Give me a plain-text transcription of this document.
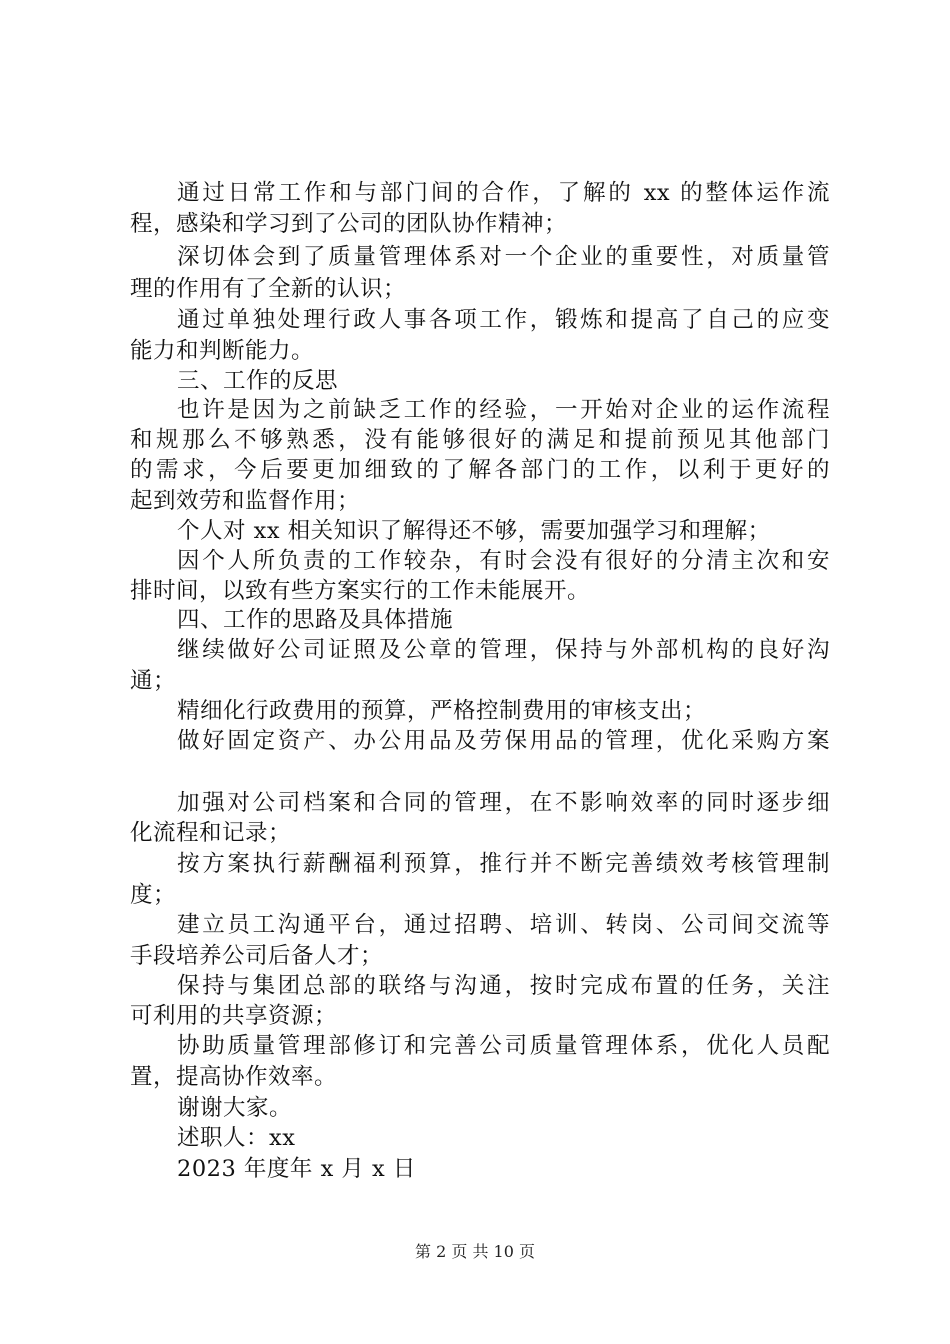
通过日常工作和与部门间的合作，了解的 xx 的整体运作流
程，感染和学习到了公司的团队协作精神；
深切体会到了质量管理体系对一个企业的重要性，对质量管
理的作用有了全新的认识；
通过单独处理行政人事各项工作，锻炼和提高了自己的应变
能力和判断能力。
三、工作的反思
也许是因为之前缺乏工作的经验，一开始对企业的运作流程
和规那么不够熟悉，没有能够很好的满足和提前预见其他部门
的需求，今后要更加细致的了解各部门的工作，以利于更好的
起到效劳和监督作用；
个人对 xx 相关知识了解得还不够，需要加强学习和理解；
因个人所负责的工作较杂，有时会没有很好的分清主次和安
排时间，以致有些方案实行的工作未能展开。
四、工作的思路及具体措施
继续做好公司证照及公章的管理，保持与外部机构的良好沟
通；
精细化行政费用的预算，严格控制费用的审核支出；
做好固定资产、办公用品及劳保用品的管理，优化采购方案
加强对公司档案和合同的管理，在不影响效率的同时逐步细
化流程和记录；
按方案执行薪酬福利预算，推行并不断完善绩效考核管理制
度；
建立员工沟通平台，通过招聘、培训、转岗、公司间交流等
手段培养公司后备人才；
保持与集团总部的联络与沟通，按时完成布置的任务，关注
可利用的共享资源；
协助质量管理部修订和完善公司质量管理体系，优化人员配
置，提高协作效率。
谢谢大家。
述职人：xx
2023 年度年 x 月 x 日
第 2 页 共 10 页
